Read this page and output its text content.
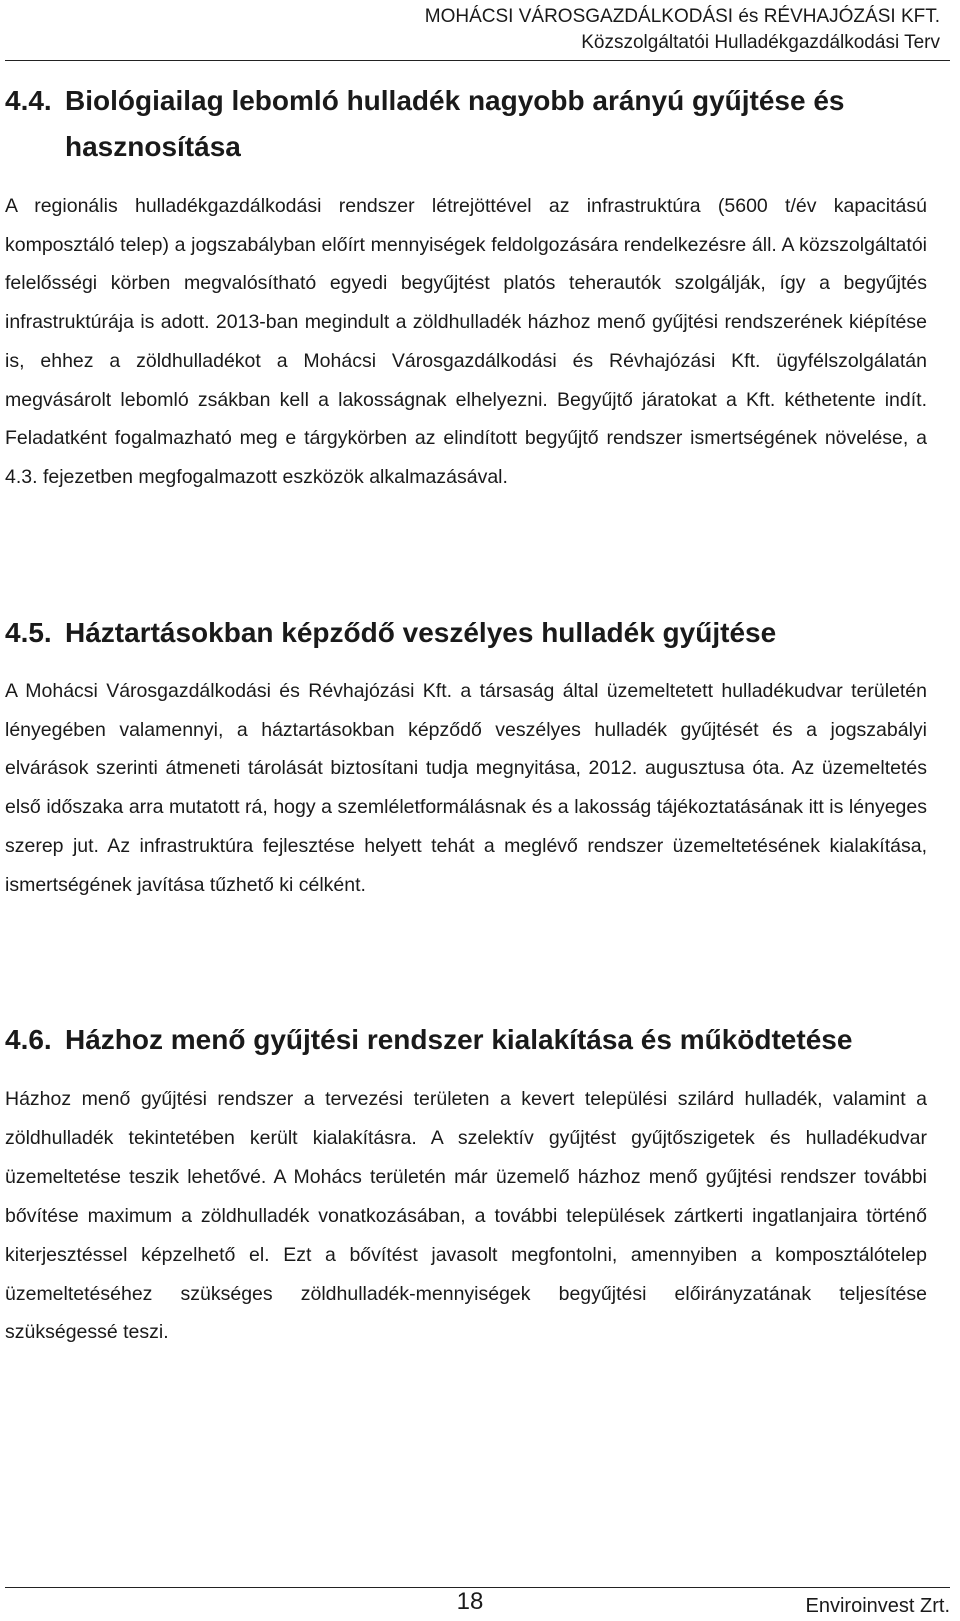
MOHÁCSI VÁROSGAZDÁLKODÁSI és RÉVHAJÓZÁSI KFT.
Közszolgáltatói Hulladékgazdálkodási Terv
4.4. Biológiailag lebomló hulladék nagyobb arányú gyűjtése és
hasznosítása

A regionális hulladékgazdálkodási rendszer létrejöttével az infrastruktúra (5600 t/év kapacitású komposztáló telep) a jogszabályban előírt mennyiségek feldolgozására rendelkezésre áll. A közszolgáltatói felelősségi körben megvalósítható egyedi begyűjtést platós teherautók szolgálják, így a begyűjtés infrastruktúrája is adott. 2013-ban megindult a zöldhulladék házhoz menő gyűjtési rendszerének kiépítése is, ehhez a zöldhulladékot a Mohácsi Városgazdálkodási és Révhajózási Kft. ügyfélszolgálatán megvásárolt lebomló zsákban kell a lakosságnak elhelyezni. Begyűjtő járatokat a Kft. kéthetente indít. Feladatként fogalmazható meg e tárgykörben az elindított begyűjtő rendszer ismertségének növelése, a 4.3. fejezetben megfogalmazott eszközök alkalmazásával.

4.5. Háztartásokban képződő veszélyes hulladék gyűjtése

A Mohácsi Városgazdálkodási és Révhajózási Kft. a társaság által üzemeltetett hulladékudvar területén lényegében valamennyi, a háztartásokban képződő veszélyes hulladék gyűjtését és a jogszabályi elvárások szerinti átmeneti tárolását biztosítani tudja megnyitása, 2012. augusztusa óta. Az üzemeltetés első időszaka arra mutatott rá, hogy a szemléletformálásnak és a lakosság tájékoztatásának itt is lényeges szerep jut. Az infrastruktúra fejlesztése helyett tehát a meglévő rendszer üzemeltetésének kialakítása, ismertségének javítása tűzhető ki célként.

4.6. Házhoz menő gyűjtési rendszer kialakítása és működtetése

Házhoz menő gyűjtési rendszer a tervezési területen a kevert települési szilárd hulladék, valamint a zöldhulladék tekintetében került kialakításra. A szelektív gyűjtést gyűjtőszigetek és hulladékudvar üzemeltetése teszik lehetővé. A Mohács területén már üzemelő házhoz menő gyűjtési rendszer további bővítése maximum a zöldhulladék vonatkozásában, a további települések zártkerti ingatlanjaira történő kiterjesztéssel képzelhető el. Ezt a bővítést javasolt megfontolni, amennyiben a komposztálótelep üzemeltetéséhez szükséges zöldhulladék-mennyiségek begyűjtési előirányzatának teljesítése szükségessé teszi.

18	Enviroinvest Zrt.
